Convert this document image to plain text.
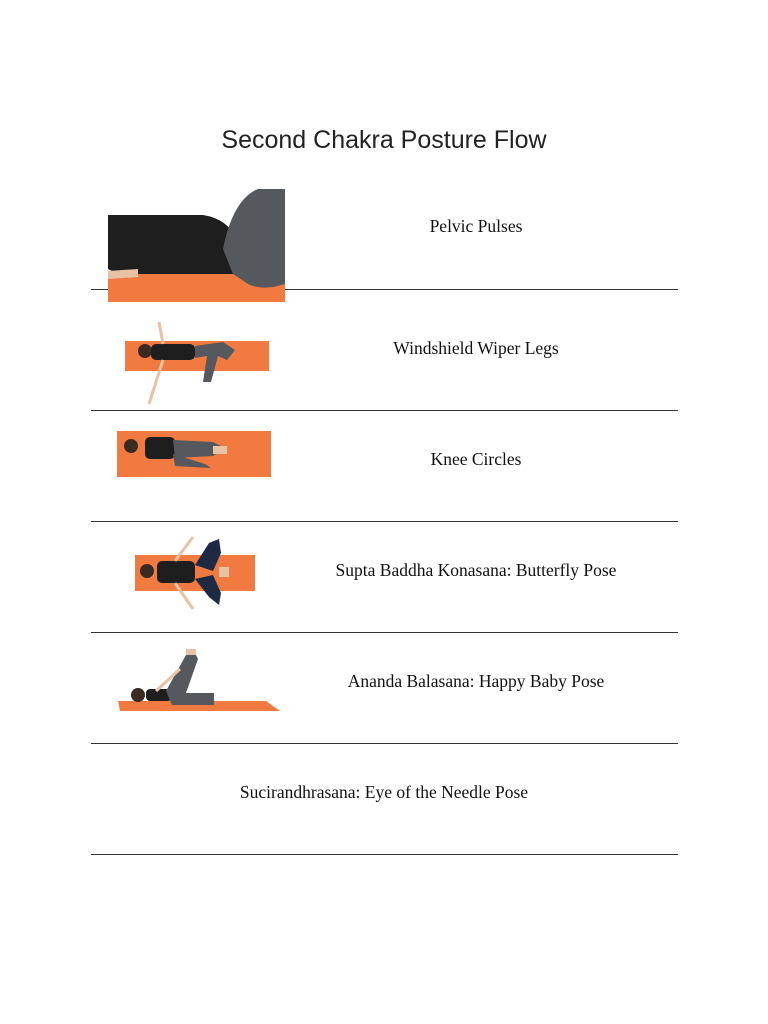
Second Chakra Posture Flow
Pelvic Pulses
Windshield Wiper Legs
Knee Circles
Supta Baddha Konasana: Butterfly Pose
Ananda Balasana: Happy Baby Pose
Sucirandhrasana: Eye of the Needle Pose
